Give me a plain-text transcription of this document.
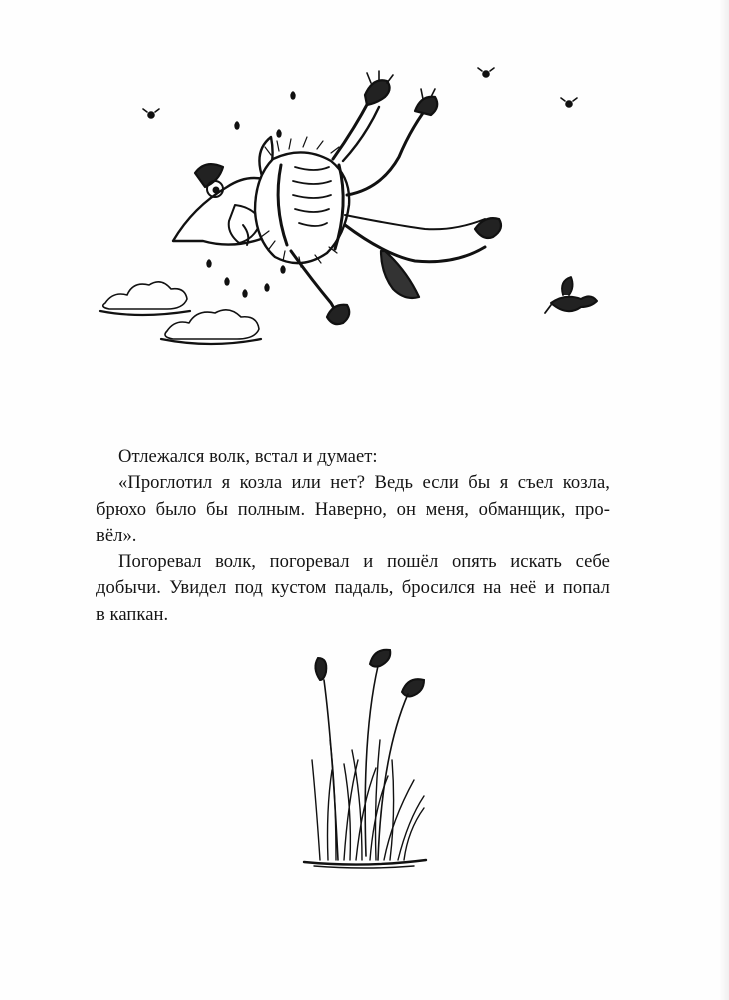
Отлежался волк, встал и думает:
«Проглотил я козла или нет? Ведь если бы я съел козла,
брюхо было бы полным. Наверно, он меня, обманщик, про-
вёл».
Погоревал волк, погоревал и пошёл опять искать себе
добычи. Увидел под кустом падаль, бросился на неё и попал
в капкан.
